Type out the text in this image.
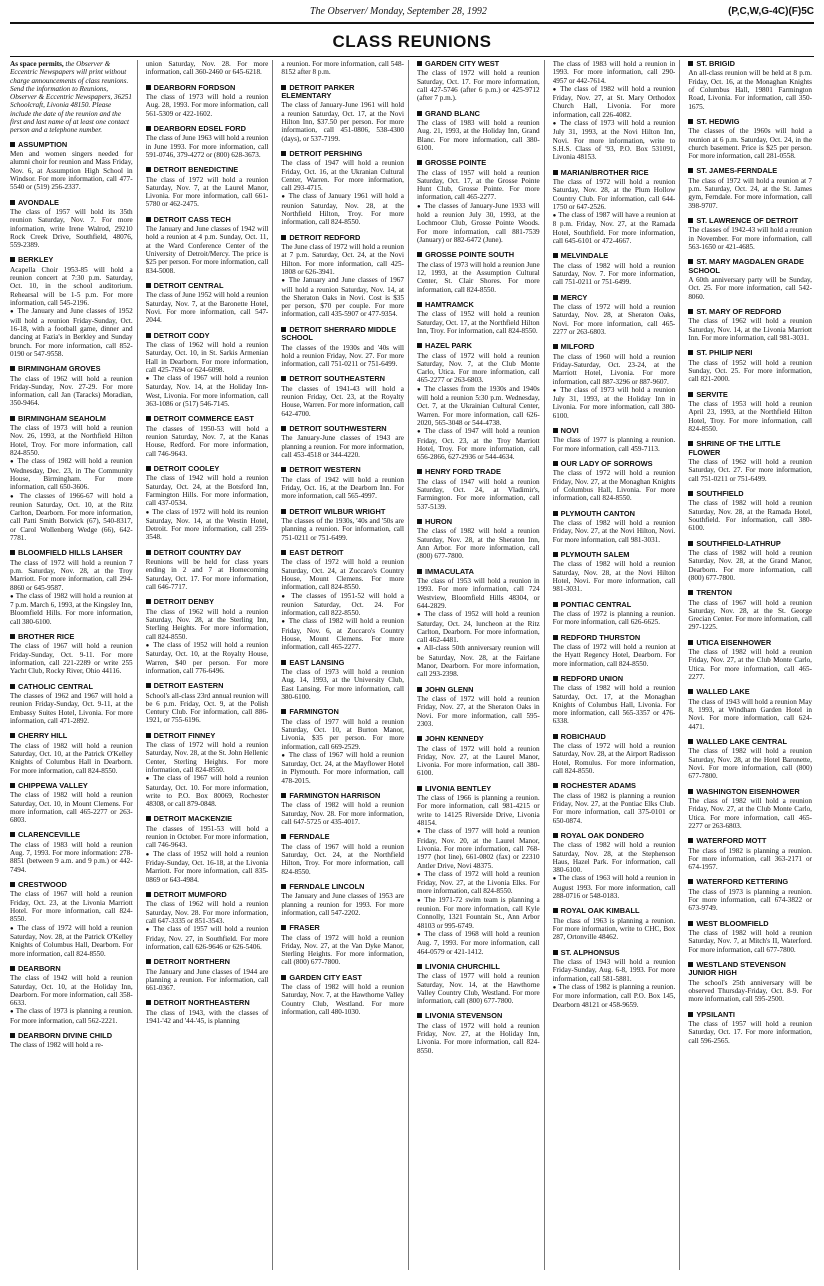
The Observer/ Monday, September 28, 1992	(P,C,W,G-4C)(F)5C
CLASS REUNIONS
As space permits, the Observer & Eccentric Newspapers will print without charge announcements of class reunions. Send the information to Reunions, Observer & Eccentric Newspapers, 36251 Schoolcraft, Livonia 48150. Please include the date of the reunion and the first and last name of at least one contact person and a telephone number.
ASSUMPTION

Men and women singers needed for alumni choir for reunion and Mass Friday, Nov. 6, at Assumption High School in Windsor. For more information, call 477-5540 or (519) 256-2337.

AVONDALE

The class of 1957 will hold its 35th reunion Saturday, Nov. 7. For more information, write Irene Walrod, 29210 Rock Creek Drive, Southfield, 48076, 559-2389.

BERKLEY

Acapella Choir 1953-85 will hold a reunion concert at 7:30 p.m. Saturday, Oct. 10, in the school auditorium. Rehearsal will be 1-5 p.m. For more information, call 545-2196.

● The January and June classes of 1952 will hold a reunion Friday-Sunday, Oct. 16-18, with a football game, dinner and dancing at Fazia's in Berkley and Sunday brunch. For more information, call 852-0190 or 547-9558.

BIRMINGHAM GROVES

The class of 1962 will hold a reunion Friday-Sunday, Nov. 27-29. For more information, call Jan (Taracks) Moradian, 350-9464.

BIRMINGHAM SEAHOLM

The class of 1973 will hold a reunion Nov. 26, 1993, at the Northfield Hilton Hotel, Troy. For more information, call 824-8550.

● The class of 1982 will hold a reunion Wednesday, Dec. 23, in The Community House, Birmingham. For more information, call 650-3606.

● The classes of 1966-67 will hold a reunion Saturday, Oct. 10, at the Ritz Carlton, Dearborn. For more information, call Patti Smith Botwick (67), 540-8317, or Carol Wollenberg Wedge (66), 642-7781.

BLOOMFIELD HILLS LAHSER

The class of 1972 will hold a reunion 7 p.m. Saturday, Nov. 28, at the Troy Marriott. For more information, call 294-8860 or 645-9587.

● The class of 1982 will hold a reunion at 7 p.m. March 6, 1993, at the Kingsley Inn, Bloomfield Hills. For more information, call 380-6100.

BROTHER RICE

The class of 1967 will hold a reunion Friday-Sunday, Oct. 9-11. For more information, call 221-2289 or write 255 Yacht Club, Rocky River, Ohio 44116.

CATHOLIC CENTRAL

The classes of 1962 and 1967 will hold a reunion Friday-Sunday, Oct. 9-11, at the Embassy Suites Hotel, Livonia. For more information, call 471-2892.

CHERRY HILL

The class of 1982 will hold a reunion Saturday, Oct. 10, at the Patrick O'Kelley Knights of Columbus Hall in Dearborn. For more information, call 824-8550.

CHIPPEWA VALLEY

The class of 1982 will hold a reunion Saturday, Oct. 10, in Mount Clemens. For more information, call 465-2277 or 263-6803.

CLARENCEVILLE

The class of 1983 will hold a reunion Aug. 7, 1993. For more information: 278-8851 (between 9 a.m. and 9 p.m.) or 442-7494.

CRESTWOOD

The class of 1967 will hold a reunion Friday, Oct. 23, at the Livonia Marriott Hotel. For more information, call 824-8550.

● The class of 1972 will hold a reunion Saturday, Nov. 28, at the Patrick O'Kelley Knights of Columbus Hall, Dearborn. For more information, call 824-8550.

DEARBORN

The class of 1942 will hold a reunion Saturday, Oct. 10, at the Holiday Inn, Dearborn. For more information, call 358-6633.

● The class of 1973 is planning a reunion. For more information, call 562-2221.

DEARBORN DIVINE CHILD

The class of 1982 will hold a re-

union Saturday, Nov. 28. For more information, call 360-2460 or 645-6218.

DEARBORN FORDSON

The class of 1973 will hold a reunion Aug. 28, 1993. For more information, call 561-5309 or 422-1602.

DEARBORN EDSEL FORD

The class of June 1963 will hold a reunion in June 1993. For more information, call 591-0746, 379-4272 or (800) 628-3673.

DETROIT BENEDICTINE

The class of 1972 will hold a reunion Saturday, Nov. 7, at the Laurel Manor, Livonia. For more information, call 661-5780 or 462-2475.

DETROIT CASS TECH

The January and June classes of 1942 will hold a reunion at 4 p.m. Sunday, Oct. 11, at the Ward Conference Center of the University of Detroit/Mercy. The price is $25 per person. For more information, call 834-5008.

DETROIT CENTRAL

The class of June 1952 will hold a reunion Saturday, Nov. 7, at the Baronette Hotel, Novi. For more information, call 547-2044.

DETROIT CODY

The class of 1962 will hold a reunion Saturday, Oct. 10, in St. Sarkis Armenian Hall in Dearborn. For more information, call 425-7694 or 624-6098.

● The class of 1967 will hold a reunion Saturday, Nov. 14, at the Holiday Inn-West, Livonia. For more information, call 363-1086 or (517) 546-7145.

DETROIT COMMERCE EAST

The classes of 1950-53 will hold a reunion Saturday, Nov. 7, at the Kanas House, Redford. For more information, call 746-9643.

DETROIT COOLEY

The class of 1942 will hold a reunion Saturday, Oct. 24, at the Botsford Inn, Farmington Hills. For more information, call 437-0534.

● The class of 1972 will hold its reunion Saturday, Nov. 14, at the Westin Hotel, Detroit. For more information, call 259-3548.

DETROIT COUNTRY DAY

Reunions will be held for class years ending in 2 and 7 at Homecoming Saturday, Oct. 17. For more information, call 646-7717.

DETROIT DENBY

The class of 1962 will hold a reunion Saturday, Nov. 28, at the Sterling Inn, Sterling Heights. For more information, call 824-8550.

● The class of 1952 will hold a reunion Saturday, Oct. 10, at the Royalty House, Warren, $40 per person. For more information, call 776-6496.

DETROIT EASTERN

School's all-class 23rd annual reunion will be 6 p.m. Friday, Oct. 9, at the Polish Century Club. For information, call 886-1921, or 755-6196.

DETROIT FINNEY

The class of 1972 will hold a reunion Saturday, Nov. 28, at the St. John Hellenic Center, Sterling Heights. For more information, call 824-8550.

● The class of 1967 will hold a reunion Saturday, Oct. 10. For more information, write to P.O. Box 80069, Rochester 48308, or call 879-0848.

DETROIT MACKENZIE

The classes of 1951-53 will hold a reunion in October. For more information, call 746-9643.

● The class of 1952 will hold a reunion Friday-Sunday, Oct. 16-18, at the Livonia Marriott. For more information, call 835-0869 or 643-4984.

DETROIT MUMFORD

The class of 1962 will hold a reunion Saturday, Nov. 28. For more information, call 647-3335 or 851-3543.

● The class of 1957 will hold a reunion Friday, Nov. 27, in Southfield. For more information, call 626-9646 or 626-5406.

DETROIT NORTHERN

The January and June classes of 1944 are planning a reunion. For information, call 661-0367.

DETROIT NORTHEASTERN

The class of 1943, with the classes of 1941-'42 and '44-'45, is planning

a reunion. For more information, call 548-8152 after 8 p.m.

DETROIT PARKER ELEMENTARY

The class of January-June 1961 will hold a reunion Saturday, Oct. 17, at the Novi Hilton Inn, $37.50 per person. For more information, call 451-0806, 538-4300 (days), or 537-7199.

DETROIT PERSHING

The class of 1947 will hold a reunion Friday, Oct. 16, at the Ukranian Cultural Center, Warren. For more information, call 293-4715.

● The class of January 1961 will hold a reunion Saturday, Nov. 28, at the Northfield Hilton, Troy. For more information, call 824-8550.

DETROIT REDFORD

The June class of 1972 will hold a reunion at 7 p.m. Saturday, Oct. 24, at the Novi Hilton. For more information, call 425-1808 or 626-3941.

● The January and June classes of 1967 will hold a reunion Saturday, Nov. 14, at the Sheraton Oaks in Novi. Cost is $35 per person, $70 per couple. For more information, call 435-5907 or 477-9354.

DETROIT SHERRARD MIDDLE SCHOOL

The classes of the 1930s and '40s will hold a reunion Friday, Nov. 27. For more information, call 751-0211 or 751-6499.

DETROIT SOUTHEASTERN

The classes of 1941-43 will hold a reunion Friday, Oct. 23, at the Royalty House, Warren. For more information, call 642-4700.

DETROIT SOUTHWESTERN

The January-June classes of 1943 are planning a reunion. For more information, call 453-4518 or 344-4220.

DETROIT WESTERN

The class of 1942 will hold a reunion Friday, Oct. 16, at the Dearborn Inn. For more information, call 565-4997.

DETROIT WILBUR WRIGHT

The classes of the 1930s, '40s and '50s are planning a reunion. For information, call 751-0211 or 751-6499.

EAST DETROIT

The class of 1972 will hold a reunion Saturday, Oct. 24, at Zuccaro's Country House, Mount Clemens. For more information, call 824-8550.

● The classes of 1951-52 will hold a reunion Saturday, Oct. 24. For information, call 822-8550.

● The class of 1982 will hold a reunion Friday, Nov. 6, at Zuccaro's Country House, Mount Clemens. For more information, call 465-2277.

EAST LANSING

The class of 1973 will hold a reunion Aug. 14, 1993, at the University Club, East Lansing. For more information, call 380-6100.

FARMINGTON

The class of 1977 will hold a reunion Saturday, Oct. 10, at Burton Manor, Livonia, $35 per person. For more information, call 669-2529.

● The class of 1967 will hold a reunion Saturday, Oct. 24, at the Mayflower Hotel in Plymouth. For more information, call 478-2015.

FARMINGTON HARRISON

The class of 1982 will hold a reunion Saturday, Nov. 28. For more information, call 647-5725 or 435-4017.

FERNDALE

The class of 1967 will hold a reunion Saturday, Oct. 24, at the Northfield Hilton, Troy. For more information, call 824-8550.

FERNDALE LINCOLN

The January and June classes of 1953 are planning a reunion for 1993. For more information, call 547-2202.

FRASER

The class of 1972 will hold a reunion Friday, Nov. 27, at the Van Dyke Manor, Sterling Heights. For more information, call (800) 677-7800.

GARDEN CITY EAST

The class of 1982 will hold a reunion Saturday, Nov. 7, at the Hawthorne Valley Country Club, Westland. For more information, call 480-1030.

GARDEN CITY WEST

The class of 1972 will hold a reunion Saturday, Oct. 17. For more information, call 427-5746 (after 6 p.m.) or 425-9712 (after 7 p.m.).

GRAND BLANC

The class of 1983 will hold a reunion Aug. 21, 1993, at the Holiday Inn, Grand Blanc. For more information, call 380-6100.

GROSSE POINTE

The class of 1957 will hold a reunion Saturday, Oct. 17, at the Grosse Pointe Hunt Club, Grosse Pointe. For more information, call 465-2277.

● The classes of January-June 1933 will hold a reunion July 30, 1993, at the Lochmoor Club, Grosse Pointe Woods. For more information, call 881-7539 (January) or 882-6472 (June).

GROSSE POINTE SOUTH

The class of 1973 will hold a reunion June 12, 1993, at the Assumption Cultural Center, St. Clair Shores. For more information, call 824-8550.

HAMTRAMCK

The class of 1952 will hold a reunion Saturday, Oct. 17, at the Northfield Hilton Inn, Troy. For information, call 824-8550.

HAZEL PARK

The class of 1972 will hold a reunion Saturday, Nov. 7, at the Club Monte Carlo, Utica. For more information, call 465-2277 or 263-6803.

● The classes from the 1930s and 1940s will hold a reunion 5:30 p.m. Wednesday, Oct. 7, at the Ukrainian Cultural Center, Warren. For more information, call 626-2020, 565-3048 or 544-4738.

● The class of 1947 will hold a reunion Friday, Oct. 23, at the Troy Marriott Hotel, Troy. For more information, call 656-2866, 627-2936 or 544-4634.

HENRY FORD TRADE

The class of 1947 will hold a reunion Saturday, Oct. 24, at Vladimir's, Farmington. For more information, call 537-5139.

HURON

The class of 1982 will hold a reunion Saturday, Nov. 28, at the Sheraton Inn, Ann Arbor. For more information, call (800) 677-7800.

IMMACULATA

The class of 1953 will hold a reunion in 1993. For more information, call 724 Westview, Bloomfield Hills 48304, or 644-2829.

● The class of 1952 will hold a reunion Saturday, Oct. 24, luncheon at the Ritz Carlton, Dearborn. For more information, call 462-4481.

● All-class 50th anniversary reunion will be Saturday, Nov. 28, at the Fairlane Manor, Dearborn. For more information, call 293-2398.

JOHN GLENN

The class of 1972 will hold a reunion Friday, Nov. 27, at the Sheraton Oaks in Novi. For more information, call 595-2303.

JOHN KENNEDY

The class of 1972 will hold a reunion Friday, Nov. 27, at the Laurel Manor, Livonia. For more information, call 380-6100.

LIVONIA BENTLEY

The class of 1966 is planning a reunion. For more information, call 981-4215 or write to 14125 Riverside Drive, Livonia 48154.

● The class of 1977 will hold a reunion Friday, Nov. 20, at the Laurel Manor, Livonia. For more information, call 768-1977 (hot line), 661-0802 (fax) or 22310 Antler Drive, Novi 48375.

● The class of 1972 will hold a reunion Friday, Nov. 27, at the Livonia Elks. For more information, call 824-8550.

● The 1971-72 swim team is planning a reunion. For more information, call Kyle Connolly, 1321 Fountain St., Ann Arbor 48103 or 995-6749.

● The class of 1968 will hold a reunion Aug. 7, 1993. For more information, call 464-0579 or 421-1412.

LIVONIA CHURCHILL

The class of 1977 will hold a reunion Saturday, Nov. 14, at the Hawthorne Valley Country Club, Westland. For more information, call (800) 677-7800.

LIVONIA STEVENSON

The class of 1972 will hold a reunion Friday, Nov. 27, at the Holiday Inn, Livonia. For more information, call 824-8550.

The class of 1983 will hold a reunion in 1993. For more information, call 290-4957 or 442-7614.

● The class of 1982 will hold a reunion Friday, Nov. 27, at St. Mary Orthodox Church Hall, Livonia. For more information, call 226-4082.

● The class of 1973 will hold a reunion July 31, 1993, at the Novi Hilton Inn, Novi. For more information, write to S.H.S. Class of '93, P.O. Box 531091, Livonia 48153.

MARIAN/BROTHER RICE

The class of 1972 will hold a reunion Saturday, Nov. 28, at the Plum Hollow Country Club. For information, call 644-1750 or 647-2526.

● The class of 1987 will have a reunion at 8 p.m. Friday, Nov. 27, at the Ramada Hotel, Southfield. For more information, call 645-6101 or 472-4667.

MELVINDALE

The class of 1982 will hold a reunion Saturday, Nov. 7. For more information, call 751-0211 or 751-6499.

MERCY

The class of 1972 will hold a reunion Saturday, Nov. 28, at Sheraton Oaks, Novi. For more information, call 465-2277 or 263-6803.

MILFORD

The class of 1960 will hold a reunion Friday-Saturday, Oct. 23-24, at the Marriott Hotel, Livonia. For more information, call 887-3296 or 887-9607.

● The class of 1973 will hold a reunion July 31, 1993, at the Holiday Inn in Livonia. For more information, call 380-6100.

NOVI

The class of 1977 is planning a reunion. For more information, call 459-7113.

OUR LADY OF SORROWS

The class of 1972 will hold a reunion Friday, Nov. 27, at the Monaghan Knights of Columbus Hall, Livonia. For more information, call 824-8550.

PLYMOUTH CANTON

The class of 1982 will hold a reunion Friday, Nov. 27, at the Novi Hilton, Novi. For more information, call 981-3031.

PLYMOUTH SALEM

The class of 1982 will hold a reunion Saturday, Nov. 28, at the Novi Hilton Hotel, Novi. For more information, call 981-3031.

PONTIAC CENTRAL

The class of 1972 is planning a reunion. For more information, call 626-6625.

REDFORD THURSTON

The class of 1972 will hold a reunion at the Hyatt Regency Hotel, Dearborn. For more information, call 824-8550.

REDFORD UNION

The class of 1982 will hold a reunion Saturday, Oct. 17, at the Monaghan Knights of Columbus Hall, Livonia. For more information, call 565-3357 or 476-6338.

ROBICHAUD

The class of 1972 will hold a reunion Saturday, Nov. 28, at the Airport Radisson Hotel, Romulus. For more information, call 824-8550.

ROCHESTER ADAMS

The class of 1982 is planning a reunion Friday, Nov. 27, at the Pontiac Elks Club. For more information, call 375-0101 or 650-0874.

ROYAL OAK DONDERO

The class of 1982 will hold a reunion Saturday, Nov. 28, at the Stephenson Haus, Hazel Park. For information, call 380-6100.

● The class of 1963 will hold a reunion in August 1993. For more information, call 288-0716 or 548-0183.

ROYAL OAK KIMBALL

The class of 1963 is planning a reunion. For more information, write to CHC, Box 287, Ortonville 48462.

ST. ALPHONSUS

The class of 1943 will hold a reunion Friday-Sunday, Aug. 6-8, 1993. For more information, call 581-5881.

● The class of 1982 is planning a reunion. For more information, call P.O. Box 145, Dearborn 48121 or 458-9659.

ST. BRIGID

An all-class reunion will be held at 8 p.m. Friday, Oct. 16, at the Monaghan Knights of Columbus Hall, 19801 Farmington Road, Livonia. For information, call 350-1675.

ST. HEDWIG

The classes of the 1960s will hold a reunion at 6 p.m. Saturday, Oct. 24, in the church basement. Price is $25 per person. For more information, call 281-0558.

ST. JAMES-FERNDALE

The class of 1972 will hold a reunion at 7 p.m. Saturday, Oct. 24, at the St. James gym, Ferndale. For more information, call 398-9707.

ST. LAWRENCE OF DETROIT

The classes of 1942-43 will hold a reunion in November. For more information, call 563-1650 or 421-4685.

ST. MARY MAGDALEN GRADE SCHOOL

A 60th anniversary party will be Sunday, Oct. 25. For more information, call 542-8060.

ST. MARY OF REDFORD

The class of 1962 will hold a reunion Saturday, Nov. 14, at the Livonia Marriott Inn. For more information, call 981-3031.

ST. PHILIP NERI

The class of 1952 will hold a reunion Sunday, Oct. 25. For more information, call 821-2000.

SERVITE

The class of 1953 will hold a reunion April 23, 1993, at the Northfield Hilton Hotel, Troy. For more information, call 824-8550.

SHRINE OF THE LITTLE FLOWER

The class of 1962 will hold a reunion Saturday, Oct. 27. For more information, call 751-0211 or 751-6499.

SOUTHFIELD

The class of 1982 will hold a reunion Saturday, Nov. 28, at the Ramada Hotel, Southfield. For information, call 380-6100.

SOUTHFIELD-LATHRUP

The class of 1982 will hold a reunion Saturday, Nov. 28, at the Grand Manor, Dearborn. For more information, call (800) 677-7800.

TRENTON

The class of 1967 will hold a reunion Saturday, Nov. 28, at the St. George Grecian Center. For more information, call 297-1225.

UTICA EISENHOWER

The class of 1982 will hold a reunion Friday, Nov. 27, at the Club Monte Carlo, Utica. For more information, call 465-2277.

WALLED LAKE

The class of 1943 will hold a reunion May 8, 1993, at Windham Garden Hotel in Novi. For more information, call 624-4471.

WALLED LAKE CENTRAL

The class of 1982 will hold a reunion Saturday, Nov. 28, at the Hotel Baronette, Novi. For more information, call (800) 677-7800.

WASHINGTON EISENHOWER

The class of 1982 will hold a reunion Friday, Nov. 27, at the Club Monte Carlo, Utica. For more information, call 465-2277 or 263-6803.

WATERFORD MOTT

The class of 1982 is planning a reunion. For more information, call 363-2171 or 674-1957.

WATERFORD KETTERING

The class of 1973 is planning a reunion. For more information, call 674-3822 or 673-9749.

WEST BLOOMFIELD

The class of 1982 will hold a reunion Saturday, Nov. 7, at Mitch's II, Waterford. For more information, call 677-7800.

WESTLAND STEVENSON JUNIOR HIGH

The school's 25th anniversary will be observed Thursday-Friday, Oct. 8-9. For more information, call 595-2500.

YPSILANTI

The class of 1957 will hold a reunion Saturday, Oct. 17. For more information, call 596-2565.
